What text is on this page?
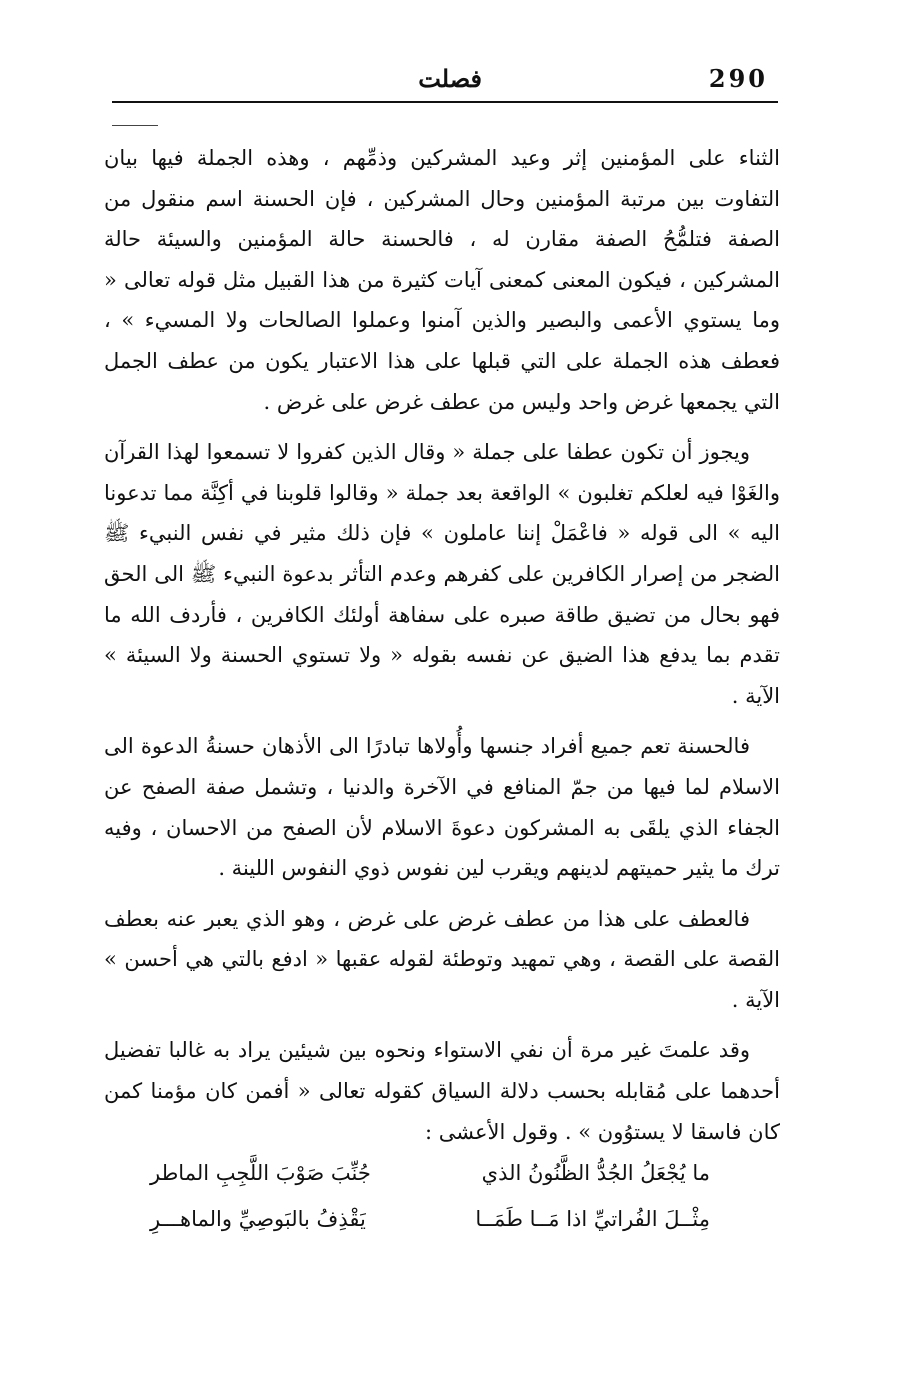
290
فصلت

الثناء على المؤمنين إثر وعيد المشركين وذمِّهم ، وهذه الجملة فيها بيان التفاوت بين مرتبة المؤمنين وحال المشركين ، فإن الحسنة اسم منقول من الصفة فتلمُّحُ الصفة مقارن له ، فالحسنة حالة المؤمنين والسيئة حالة المشركين ، فيكون المعنى كمعنى آيات كثيرة من هذا القبيل مثل قوله تعالى « وما يستوي الأعمى والبصير والذين آمنوا وعملوا الصالحات ولا المسيء » ، فعطف هذه الجملة على التي قبلها على هذا الاعتبار يكون من عطف الجمل التي يجمعها غرض واحد وليس من عطف غرض على غرض .

ويجوز أن تكون عطفا على جملة « وقال الذين كفروا لا تسمعوا لهذا القرآن والغَوْا فيه لعلكم تغلبون » الواقعة بعد جملة « وقالوا قلوبنا في أكِنَّة مما تدعونا اليه » الى قوله « فاعْمَلْ إننا عاملون » فإن ذلك مثير في نفس النبيء ﷺ الضجر من إصرار الكافرين على كفرهم وعدم التأثر بدعوة النبيء ﷺ الى الحق فهو بحال من تضيق طاقة صبره على سفاهة أولئك الكافرين ، فأردف الله ما تقدم بما يدفع هذا الضيق عن نفسه بقوله « ولا تستوي الحسنة ولا السيئة » الآية .

فالحسنة تعم جميع أفراد جنسها وأُولاها تبادرًا الى الأذهان حسنةُ الدعوة الى الاسلام لما فيها من جمّ المنافع في الآخرة والدنيا ، وتشمل صفة الصفح عن الجفاء الذي يلقَى به المشركون دعوةَ الاسلام لأن الصفح من الاحسان ، وفيه ترك ما يثير حميتهم لدينهم ويقرب لين نفوس ذوي النفوس اللينة .

فالعطف على هذا من عطف غرض على غرض ، وهو الذي يعبر عنه بعطف القصة على القصة ، وهي تمهيد وتوطئة لقوله عقبها « ادفع بالتي هي أحسن » الآية .

وقد علمتَ غير مرة أن نفي الاستواء ونحوه بين شيئين يراد به غالبا تفضيل أحدهما على مُقابله بحسب دلالة السياق كقوله تعالى « أفمن كان مؤمنا كمن كان فاسقا لا يستوُون » . وقول الأعشى :

ما يُجْعَلُ الجُدُّ الظَّنُونُ الذي
جُنِّبَ صَوْبَ اللَّجِبِ الماطر
مِثْــلَ الفُراتيِّ اذا مَــا طَمَــا
يَقْذِفُ بالبَوصِيِّ والماهـــرِ
